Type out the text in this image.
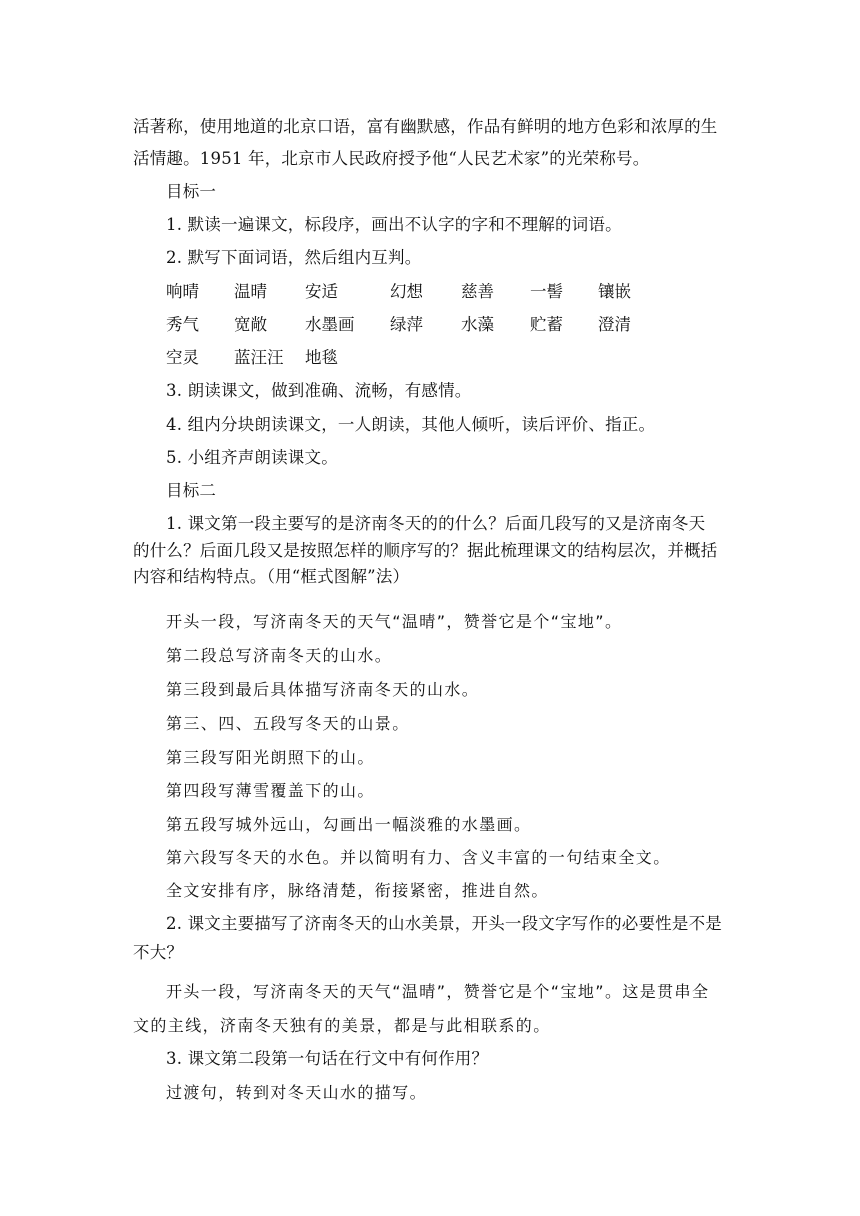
活著称，使用地道的北京口语，富有幽默感，作品有鲜明的地方色彩和浓厚的生
活情趣。1951 年，北京市人民政府授予他“人民艺术家”的光荣称号。
目标一
1. 默读一遍课文，标段序，画出不认字的字和不理解的词语。
2. 默写下面词语，然后组内互判。
响晴 温晴 安适	幻想 慈善 一髻 镶嵌
秀气 宽敞 水墨画 绿萍 水藻 贮蓄 澄清
空灵 蓝汪汪 地毯
3. 朗读课文，做到准确、流畅，有感情。
4. 组内分块朗读课文，一人朗读，其他人倾听，读后评价、指正。
5. 小组齐声朗读课文。
目标二
1. 课文第一段主要写的是济南冬天的的什么？后面几段写的又是济南冬天
的什么？后面几段又是按照怎样的顺序写的？据此梳理课文的结构层次，并概括
内容和结构特点。（用“框式图解”法）
开头一段，写济南冬天的天气“温晴”，赞誉它是个“宝地”。
第二段总写济南冬天的山水。
第三段到最后具体描写济南冬天的山水。
第三、四、五段写冬天的山景。
第三段写阳光朗照下的山。
第四段写薄雪覆盖下的山。
第五段写城外远山，勾画出一幅淡雅的水墨画。
第六段写冬天的水色。并以简明有力、含义丰富的一句结束全文。
全文安排有序，脉络清楚，衔接紧密，推进自然。
2. 课文主要描写了济南冬天的山水美景，开头一段文字写作的必要性是不是
不大？
开头一段，写济南冬天的天气“温晴”，赞誉它是个“宝地”。这是贯串全
文的主线，济南冬天独有的美景，都是与此相联系的。
3. 课文第二段第一句话在行文中有何作用？
过渡句，转到对冬天山水的描写。
